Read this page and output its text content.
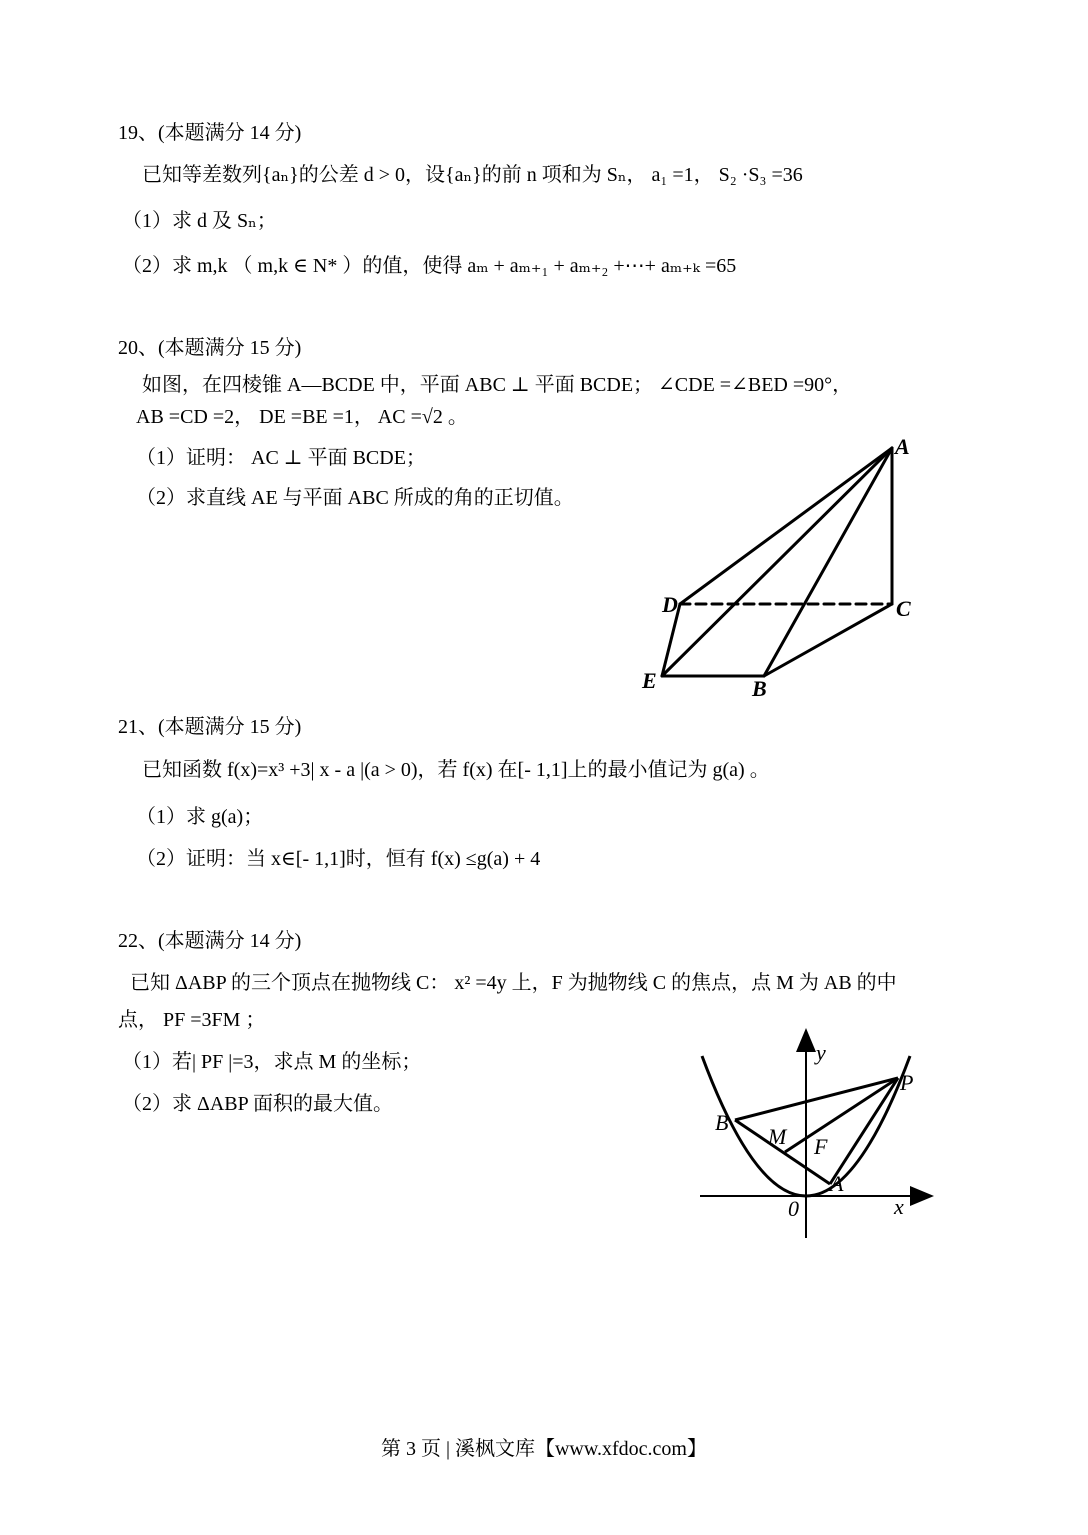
19、(本题满分 14 分)
已知等差数列{aₙ}的公差 d > 0，设{aₙ}的前 n 项和为 Sₙ， a₁ =1， S₂ ·S₃ =36
（1）求 d 及 Sₙ；
（2）求 m,k （ m,k ∈ N* ）的值，使得 aₘ + aₘ₊₁ + aₘ₊₂ +⋯+ aₘ₊ₖ =65
20、(本题满分 15 分)
如图，在四棱锥 A—BCDE 中，平面 ABC ⊥ 平面 BCDE； ∠CDE =∠BED =90°，
AB =CD =2， DE =BE =1， AC =√2 。
（1）证明： AC ⊥ 平面 BCDE；
（2）求直线 AE 与平面 ABC 所成的角的正切值。
A
C
D
E	B
21、(本题满分 15 分)
已知函数 f(x)=x³ +3| x - a |(a > 0)，若 f(x) 在[- 1,1]上的最小值记为 g(a) 。
（1）求 g(a)；
（2）证明：当 x∈[- 1,1]时，恒有 f(x) ≤g(a) + 4
22、(本题满分 14 分)
已知 ΔABP 的三个顶点在抛物线 C： x² =4y 上，F 为抛物线 C 的焦点，点 M 为 AB 的中
点， PF =3FM ；
（1）若| PF |=3，求点 M 的坐标；
（2）求 ΔABP 面积的最大值。
y
x
P
B
M F
A
0
第 3 页 | 溪枫文库【www.xfdoc.com】
